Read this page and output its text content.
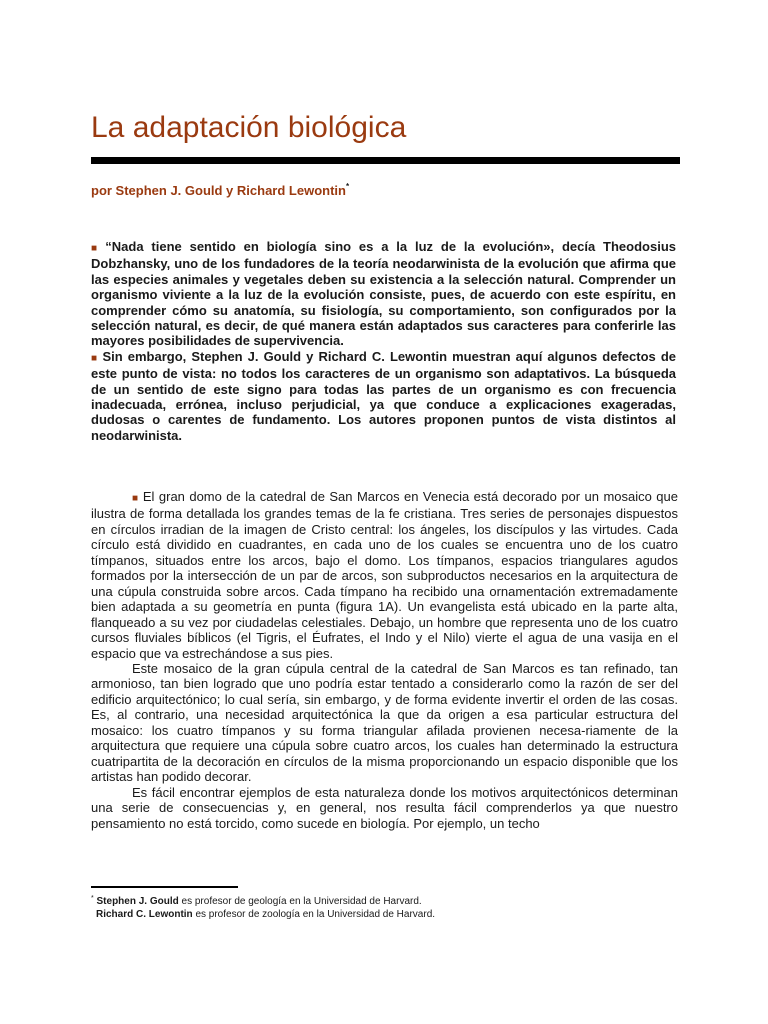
La adaptación biológica
por Stephen J. Gould y Richard Lewontin*

■ “Nada tiene sentido en biología sino es a la luz de la evolución», decía Theodosius Dobzhansky, uno de los fundadores de la teoría neodarwinista de la evolución que afirma que las especies animales y vegetales deben su existencia a la selección natural. Comprender un organismo viviente a la luz de la evolución consiste, pues, de acuerdo con este espíritu, en comprender cómo su anatomía, su fisiología, su comportamiento, son configurados por la selección natural, es decir, de qué manera están adaptados sus caracteres para conferirle las mayores posibilidades de supervivencia.

■ Sin embargo, Stephen J. Gould y Richard C. Lewontin muestran aquí algunos defectos de este punto de vista: no todos los caracteres de un organismo son adaptativos. La búsqueda de un sentido de este signo para todas las partes de un organismo es con frecuencia inadecuada, errónea, incluso perjudicial, ya que conduce a explicaciones exageradas, dudosas o carentes de fundamento. Los autores proponen puntos de vista distintos al neodarwinista.

■ El gran domo de la catedral de San Marcos en Venecia está decorado por un mosaico que ilustra de forma detallada los grandes temas de la fe cristiana. Tres series de personajes dispuestos en círculos irradian de la imagen de Cristo central: los ángeles, los discípulos y las virtudes. Cada círculo está dividido en cuadrantes, en cada uno de los cuales se encuentra uno de los cuatro tímpanos, situados entre los arcos, bajo el domo. Los tímpanos, espacios triangulares agudos formados por la intersección de un par de arcos, son subproductos necesarios en la arquitectura de una cúpula construida sobre arcos. Cada tímpano ha recibido una ornamentación extremadamente bien adaptada a su geometría en punta (figura 1A). Un evangelista está ubicado en la parte alta, flanqueado a su vez por ciudadelas celestiales. Debajo, un hombre que representa uno de los cuatro cursos fluviales bíblicos (el Tigris, el Éufrates, el Indo y el Nilo) vierte el agua de una vasija en el espacio que va estrechándose a sus pies.

Este mosaico de la gran cúpula central de la catedral de San Marcos es tan refinado, tan armonioso, tan bien logrado que uno podría estar tentado a considerarlo como la razón de ser del edificio arquitectónico; lo cual sería, sin embargo, y de forma evidente invertir el orden de las cosas. Es, al contrario, una necesidad arquitectónica la que da origen a esa particular estructura del mosaico: los cuatro tímpanos y su forma triangular afilada provienen necesa-riamente de la arquitectura que requiere una cúpula sobre cuatro arcos, los cuales han determinado la estructura cuatripartita de la decoración en círculos de la misma proporcionando un espacio disponible que los artistas han podido decorar.

Es fácil encontrar ejemplos de esta naturaleza donde los motivos arquitectónicos determinan una serie de consecuencias y, en general, nos resulta fácil comprenderlos ya que nuestro pensamiento no está torcido, como sucede en biología. Por ejemplo, un techo

* Stephen J. Gould es profesor de geología en la Universidad de Harvard.
Richard C. Lewontin es profesor de zoología en la Universidad de Harvard.
